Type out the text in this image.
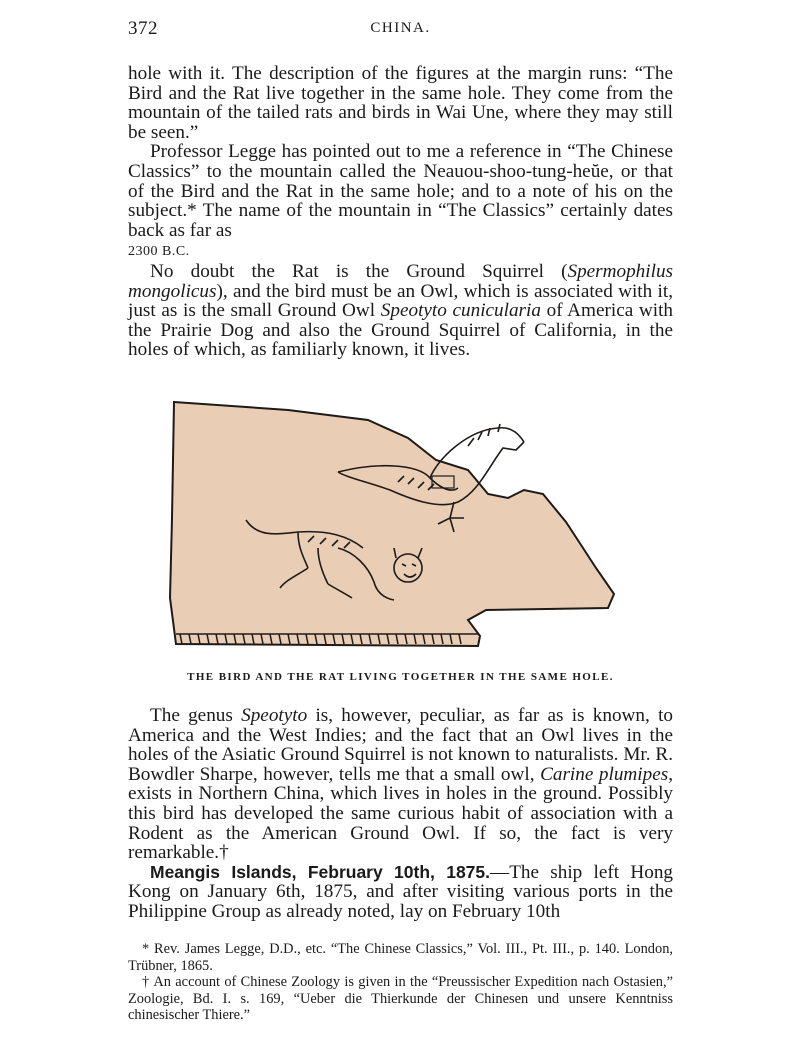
372	CHINA.

hole with it. The description of the figures at the margin runs: “The Bird and the Rat live together in the same hole. They come from the mountain of the tailed rats and birds in Wai Une, where they may still be seen.”

Professor Legge has pointed out to me a reference in “The Chinese Classics” to the mountain called the Neauou-shoo-tung-heŭe, or that of the Bird and the Rat in the same hole; and to a note of his on the subject.* The name of the mountain in “The Classics” certainly dates back as far as
2300 B.C.

No doubt the Rat is the Ground Squirrel (Spermophilus mongolicus), and the bird must be an Owl, which is associated with it, just as is the small Ground Owl Speotyto cunicularia of America with the Prairie Dog and also the Ground Squirrel of California, in the holes of which, as familiarly known, it lives.

THE BIRD AND THE RAT LIVING TOGETHER IN THE SAME HOLE.

The genus Speotyto is, however, peculiar, as far as is known, to America and the West Indies; and the fact that an Owl lives in the holes of the Asiatic Ground Squirrel is not known to naturalists. Mr. R. Bowdler Sharpe, however, tells me that a small owl, Carine plumipes, exists in Northern China, which lives in holes in the ground. Possibly this bird has developed the same curious habit of association with a Rodent as the American Ground Owl. If so, the fact is very remarkable.†

Meangis Islands, February 10th, 1875.—The ship left Hong Kong on January 6th, 1875, and after visiting various ports in the Philippine Group as already noted, lay on February 10th

* Rev. James Legge, D.D., etc. “The Chinese Classics,” Vol. III., Pt. III., p. 140. London, Trübner, 1865.

† An account of Chinese Zoology is given in the “Preussischer Expedition nach Ostasien,” Zoologie, Bd. I. s. 169, “Ueber die Thierkunde der Chinesen und unsere Kenntniss chinesischer Thiere.”
